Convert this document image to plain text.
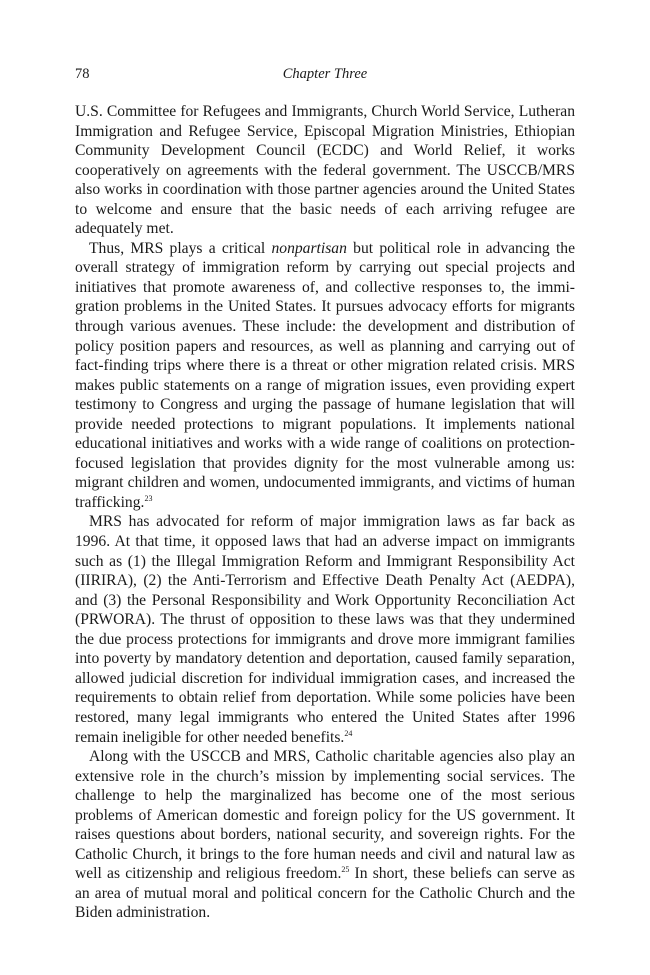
78	Chapter Three

U.S. Committee for Refugees and Immigrants, Church World Service, Lutheran Immigration and Refugee Service, Episcopal Migration Ministries, Ethiopian Community Development Council (ECDC) and World Relief, it works cooperatively on agreements with the federal government. The USCCB/MRS also works in coordination with those partner agencies around the United States to welcome and ensure that the basic needs of each arriving refugee are adequately met.

Thus, MRS plays a critical nonpartisan but political role in advancing the overall strategy of immigration reform by carrying out special projects and initiatives that promote awareness of, and collective responses to, the immigration problems in the United States. It pursues advocacy efforts for migrants through various avenues. These include: the development and distribution of policy position papers and resources, as well as planning and carrying out of fact-finding trips where there is a threat or other migration related crisis. MRS makes public statements on a range of migration issues, even providing expert testimony to Congress and urging the passage of humane legislation that will provide needed protections to migrant populations. It implements national educational initiatives and works with a wide range of coalitions on protection-focused legislation that provides dignity for the most vulnerable among us: migrant children and women, undocumented immigrants, and victims of human trafficking.$^{23}$

MRS has advocated for reform of major immigration laws as far back as 1996. At that time, it opposed laws that had an adverse impact on immigrants such as (1) the Illegal Immigration Reform and Immigrant Responsibility Act (IIRIRA), (2) the Anti-Terrorism and Effective Death Penalty Act (AEDPA), and (3) the Personal Responsibility and Work Opportunity Reconciliation Act (PRWORA). The thrust of opposition to these laws was that they undermined the due process protections for immigrants and drove more immigrant families into poverty by mandatory detention and deportation, caused family separation, allowed judicial discretion for individual immigration cases, and increased the requirements to obtain relief from deportation. While some policies have been restored, many legal immigrants who entered the United States after 1996 remain ineligible for other needed benefits.$^{24}$

Along with the USCCB and MRS, Catholic charitable agencies also play an extensive role in the church’s mission by implementing social services. The challenge to help the marginalized has become one of the most serious problems of American domestic and foreign policy for the US government. It raises questions about borders, national security, and sovereign rights. For the Catholic Church, it brings to the fore human needs and civil and natural law as well as citizenship and religious freedom.$^{25}$ In short, these beliefs can serve as an area of mutual moral and political concern for the Catholic Church and the Biden administration.
